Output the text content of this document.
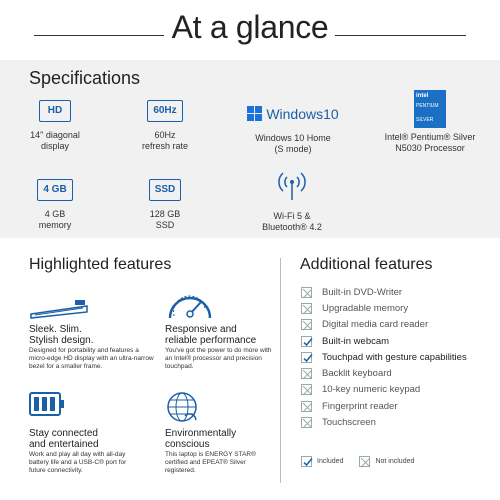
At a glance
Specifications
HD
14" diagonal
display
60Hz
60Hz
refresh rate
Windows10
Windows 10 Home
(S mode)
intel
PENTIUM
SILVER
Intel® Pentium® Silver
N5030 Processor
4 GB
4 GB
memory
SSD
128 GB
SSD
Wi-Fi 5 &
Bluetooth® 4.2
Highlighted features
Sleek. Slim.
Stylish design.
Designed for portability and features a micro-edge HD display with an ultra-narrow bezel for a smaller frame.
Responsive and
reliable performance
You've got the power to do more with an Intel® processor and precision touchpad.
Stay connected
and entertained
Work and play all day with all-day battery life and a USB-C® port for future connectivity.
Environmentally
conscious
This laptop is ENERGY STAR® certified and EPEAT® Silver registered.
Additional features
Built-in DVD-Writer
Upgradable memory
Digital media card reader
Built-in webcam
Touchpad with gesture capabilities
Backlit keyboard
10-key numeric keypad
Fingerprint reader
Touchscreen
Included	Not included
